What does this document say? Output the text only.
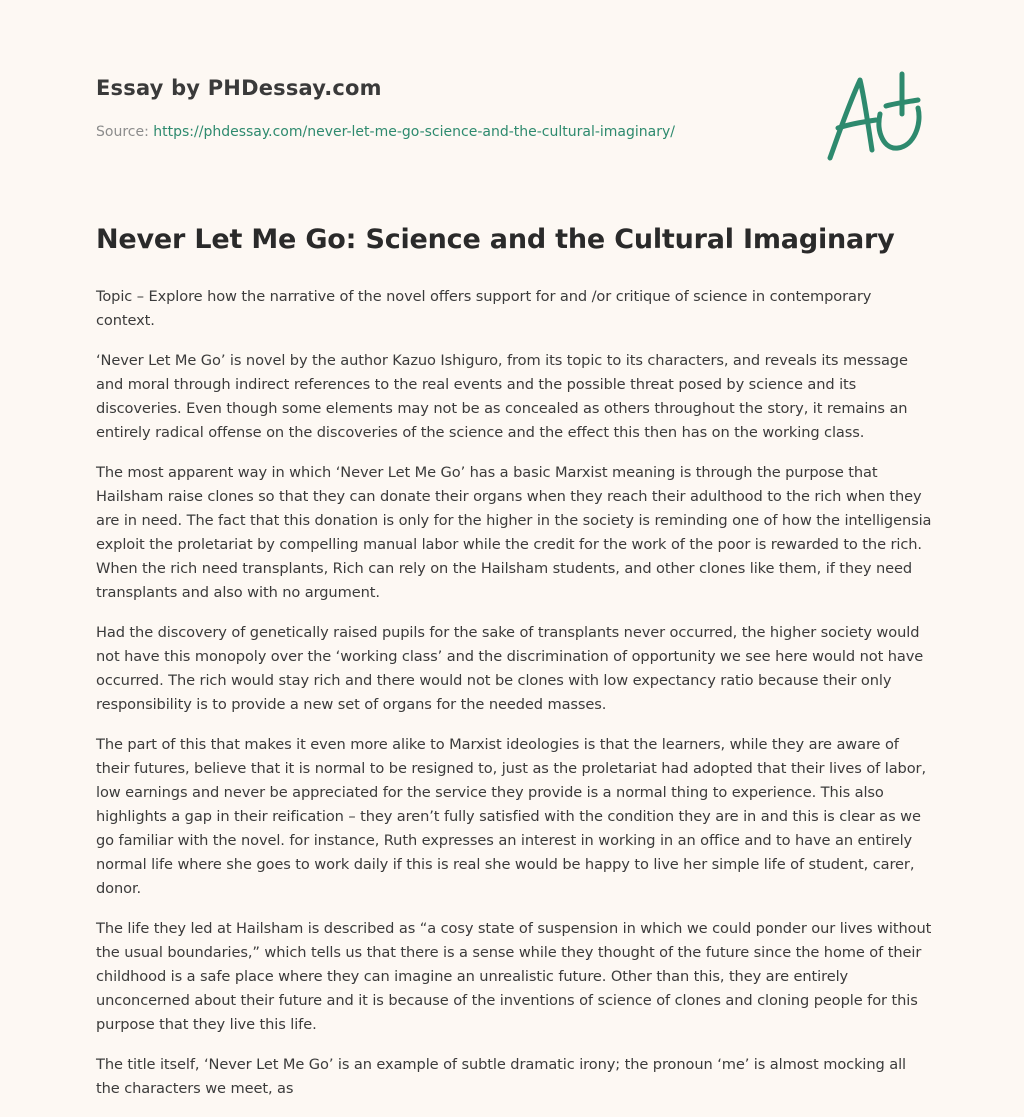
Essay by PHDessay.com

Source: https://phdessay.com/never-let-me-go-science-and-the-cultural-imaginary/

Never Let Me Go: Science and the Cultural Imaginary

Topic – Explore how the narrative of the novel offers support for and /or critique of science in contemporary context.

‘Never Let Me Go’ is novel by the author Kazuo Ishiguro, from its topic to its characters, and reveals its message and moral through indirect references to the real events and the possible threat posed by science and its discoveries. Even though some elements may not be as concealed as others throughout the story, it remains an entirely radical offense on the discoveries of the science and the effect this then has on the working class.

The most apparent way in which ‘Never Let Me Go’ has a basic Marxist meaning is through the purpose that Hailsham raise clones so that they can donate their organs when they reach their adulthood to the rich when they are in need. The fact that this donation is only for the higher in the society is reminding one of how the intelligensia exploit the proletariat by compelling manual labor while the credit for the work of the poor is rewarded to the rich. When the rich need transplants, Rich can rely on the Hailsham students, and other clones like them, if they need transplants and also with no argument.

Had the discovery of genetically raised pupils for the sake of transplants never occurred, the higher society would not have this monopoly over the ‘working class’ and the discrimination of opportunity we see here would not have occurred. The rich would stay rich and there would not be clones with low expectancy ratio because their only responsibility is to provide a new set of organs for the needed masses.

The part of this that makes it even more alike to Marxist ideologies is that the learners, while they are aware of their futures, believe that it is normal to be resigned to, just as the proletariat had adopted that their lives of labor, low earnings and never be appreciated for the service they provide is a normal thing to experience. This also highlights a gap in their reification – they aren’t fully satisfied with the condition they are in and this is clear as we go familiar with the novel. for instance, Ruth expresses an interest in working in an office and to have an entirely normal life where she goes to work daily if this is real she would be happy to live her simple life of student, carer, donor.

The life they led at Hailsham is described as “a cosy state of suspension in which we could ponder our lives without the usual boundaries,” which tells us that there is a sense while they thought of the future since the home of their childhood is a safe place where they can imagine an unrealistic future. Other than this, they are entirely unconcerned about their future and it is because of the inventions of science of clones and cloning people for this purpose that they live this life.

The title itself, ‘Never Let Me Go’ is an example of subtle dramatic irony; the pronoun ‘me’ is almost mocking all the characters we meet, as
